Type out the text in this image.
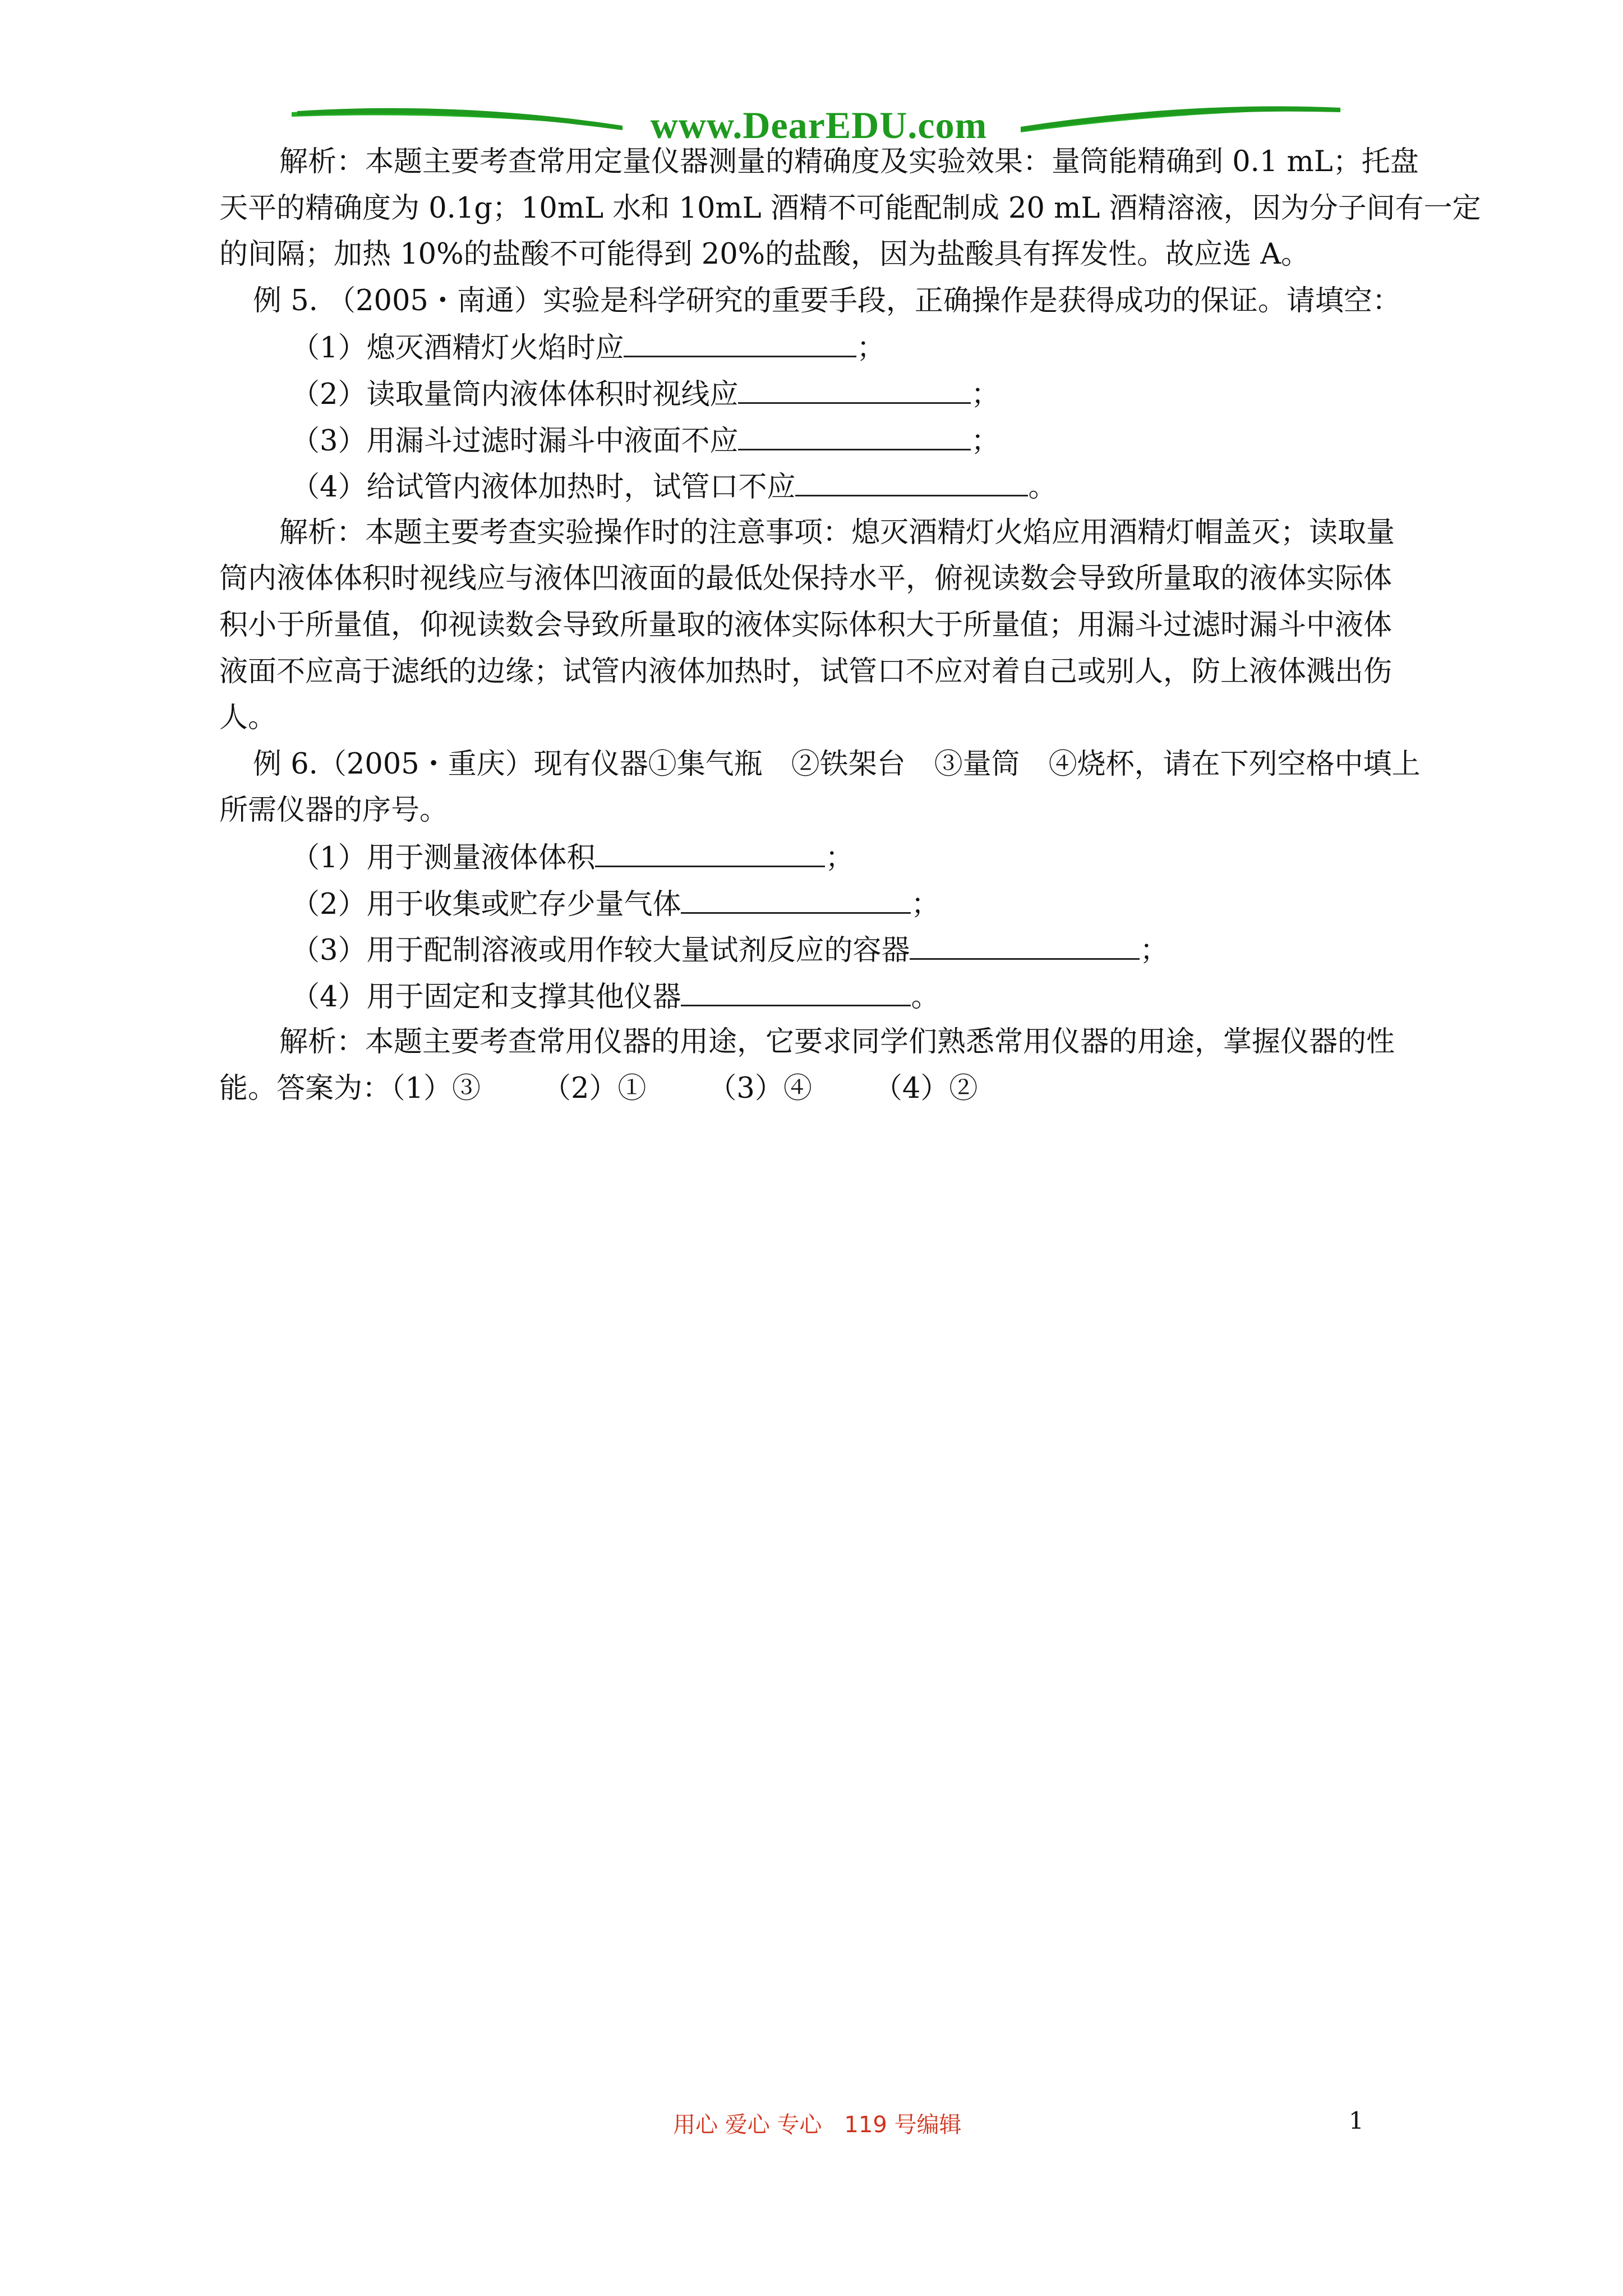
www.DearEDU.com
解析：本题主要考查常用定量仪器测量的精确度及实验效果：量筒能精确到 0.1 mL；托盘
天平的精确度为 0.1g；10mL 水和 10mL 酒精不可能配制成 20 mL 酒精溶液，因为分子间有一定
的间隔；加热 10%的盐酸不可能得到 20%的盐酸，因为盐酸具有挥发性。故应选 A。
例 5. （2005・南通）实验是科学研究的重要手段，正确操作是获得成功的保证。请填空：
（1）熄灭酒精灯火焰时应	；
（2）读取量筒内液体体积时视线应	；
（3）用漏斗过滤时漏斗中液面不应	；
（4）给试管内液体加热时，试管口不应	。
解析：本题主要考查实验操作时的注意事项：熄灭酒精灯火焰应用酒精灯帽盖灭；读取量
筒内液体体积时视线应与液体凹液面的最低处保持水平，俯视读数会导致所量取的液体实际体
积小于所量值，仰视读数会导致所量取的液体实际体积大于所量值；用漏斗过滤时漏斗中液体
液面不应高于滤纸的边缘；试管内液体加热时，试管口不应对着自己或别人，防上液体溅出伤
人。
例 6.（2005・重庆）现有仪器①集气瓶　②铁架台　③量筒　④烧杯，请在下列空格中填上
所需仪器的序号。
（1）用于测量液体体积	；
（2）用于收集或贮存少量气体	；
（3）用于配制溶液或用作较大量试剂反应的容器	；
（4）用于固定和支撑其他仪器	。
解析：本题主要考查常用仪器的用途，它要求同学们熟悉常用仪器的用途，掌握仪器的性
能。答案为：（1）③ （2）① （3）④ （4）②
用心 爱心 专心　119 号编辑	1
